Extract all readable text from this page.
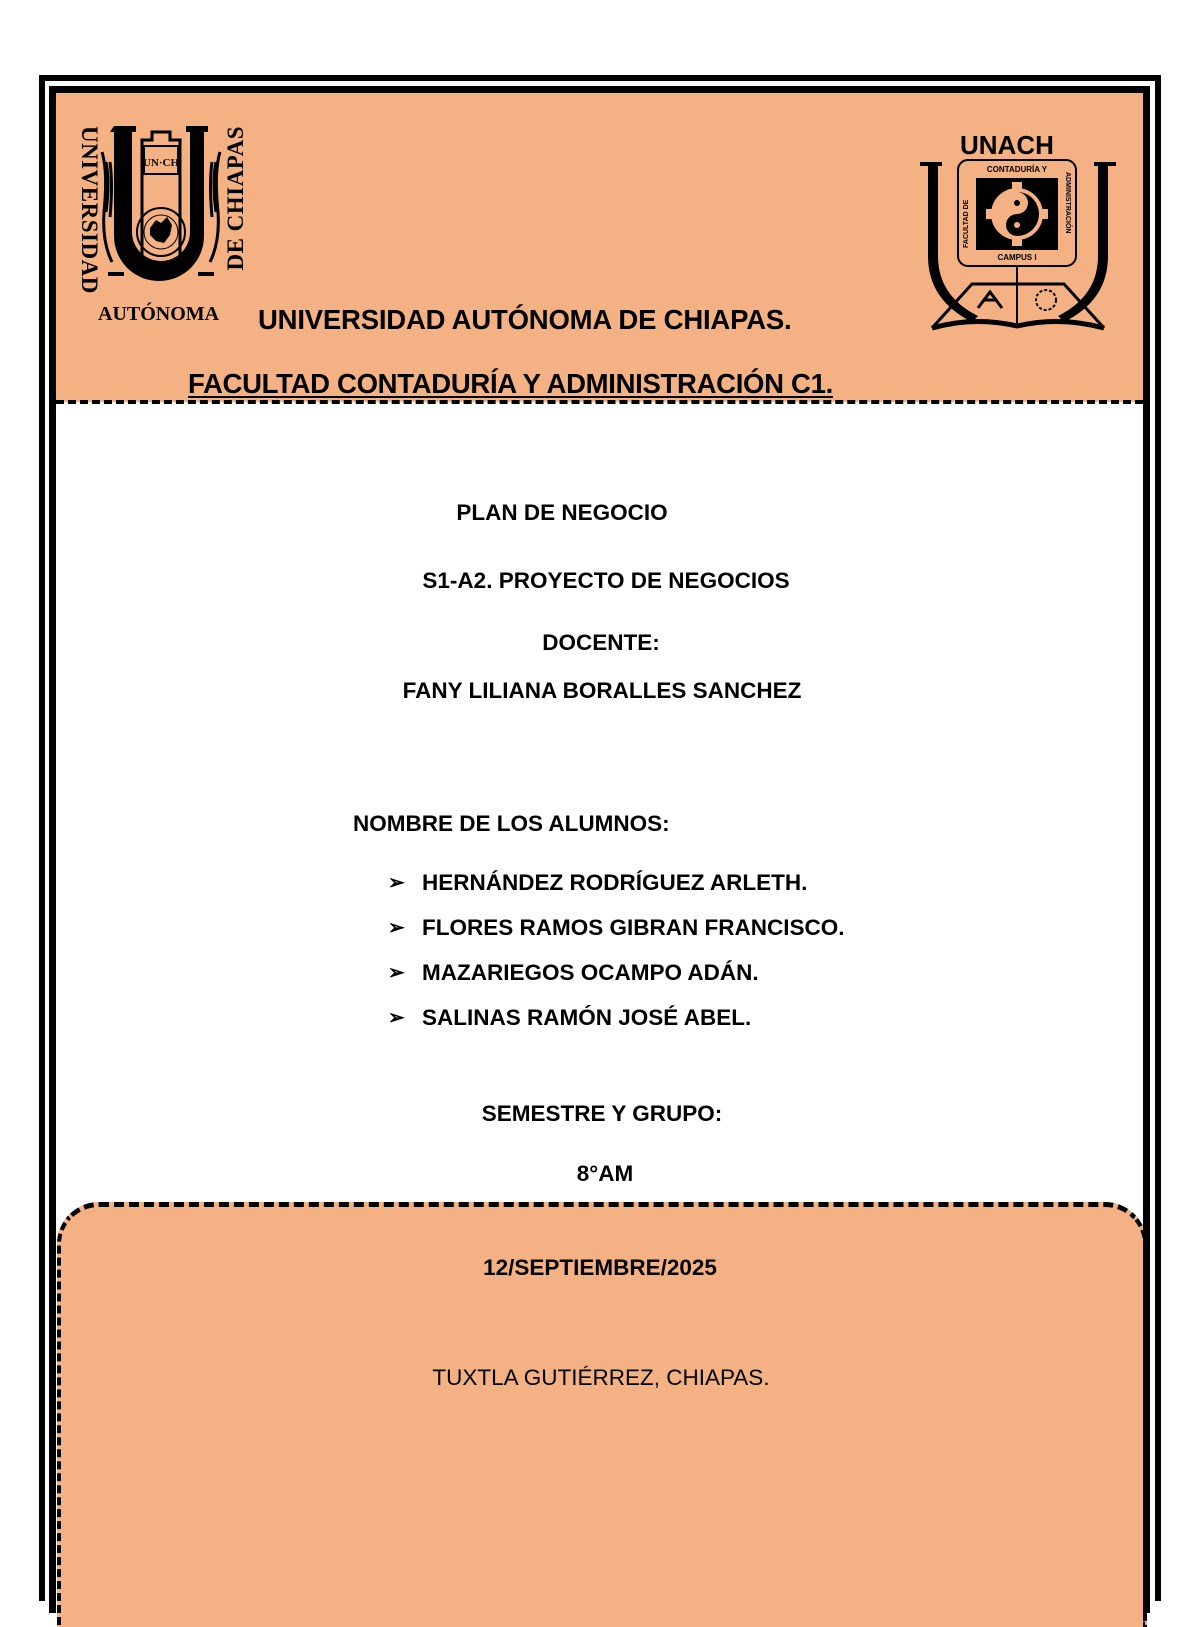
UNIVERSIDAD	DE CHIAPAS
UN·CH
AUTÓNOMA
UNACH
CONTADURÍA Y
CAMPUS I
FACULTAD DE	ADMINISTRACIÓN
UNIVERSIDAD AUTÓNOMA DE CHIAPAS.
FACULTAD CONTADURÍA Y ADMINISTRACIÓN C1.
PLAN DE NEGOCIO
S1-A2. PROYECTO DE NEGOCIOS
DOCENTE:
FANY LILIANA BORALLES SANCHEZ
NOMBRE DE LOS ALUMNOS:
➢ HERNÁNDEZ RODRÍGUEZ ARLETH.
➢ FLORES RAMOS GIBRAN FRANCISCO.
➢ MAZARIEGOS OCAMPO ADÁN.
➢ SALINAS RAMÓN JOSÉ ABEL.
SEMESTRE Y GRUPO:
8°AM
12/SEPTIEMBRE/2025
TUXTLA GUTIÉRREZ, CHIAPAS.
